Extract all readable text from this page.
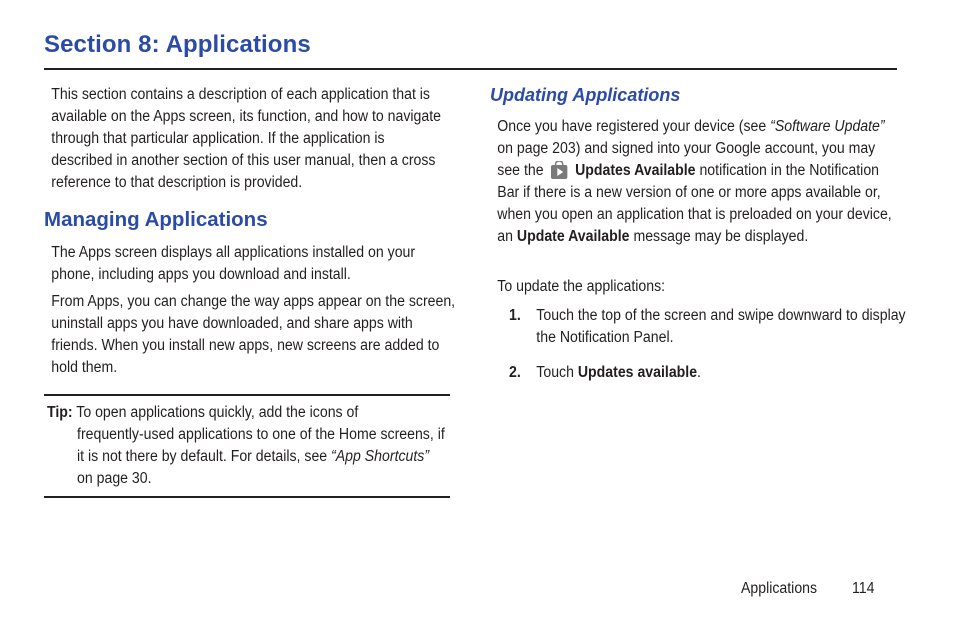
Section 8: Applications

This section contains a description of each application that is available on the Apps screen, its function, and how to navigate through that particular application. If the application is described in another section of this user manual, then a cross reference to that description is provided.

Managing Applications

The Apps screen displays all applications installed on your phone, including apps you download and install.

From Apps, you can change the way apps appear on the screen, uninstall apps you have downloaded, and share apps with friends. When you install new apps, new screens are added to hold them.

Tip: To open applications quickly, add the icons of
frequently-used applications to one of the Home screens, if it is not there by default. For details, see “App Shortcuts” on page 30.
Updating Applications

Once you have registered your device (see “Software Update” on page 203) and signed into your Google account, you may see the Updates Available notification in the Notification Bar if there is a new version of one or more apps available or, when you open an application that is preloaded on your device, an Update Available message may be displayed.

To update the applications:

1. Touch the top of the screen and swipe downward to display the Notification Panel.
2. Touch Updates available.
Applications 114
